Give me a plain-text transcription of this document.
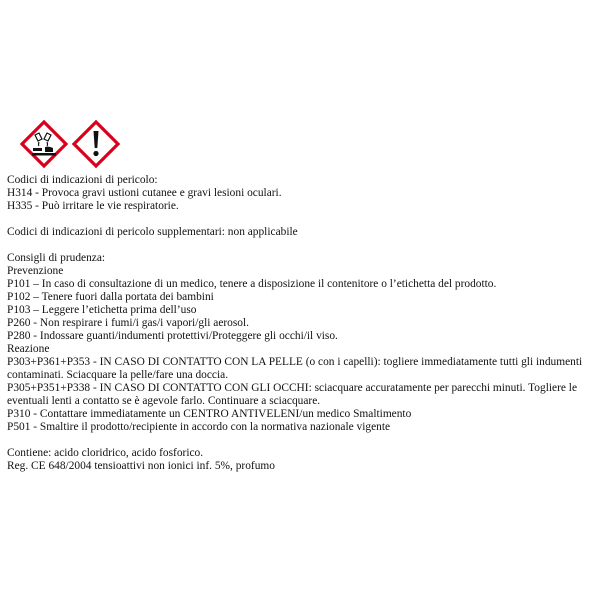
Codici di indicazioni di pericolo:
H314 - Provoca gravi ustioni cutanee e gravi lesioni oculari.
H335 - Può irritare le vie respiratorie.
Codici di indicazioni di pericolo supplementari: non applicabile
Consigli di prudenza:
Prevenzione
P101 – In caso di consultazione di un medico, tenere a disposizione il contenitore o l’etichetta del prodotto.
P102 – Tenere fuori dalla portata dei bambini
P103 – Leggere l’etichetta prima dell’uso
P260 - Non respirare i fumi/i gas/i vapori/gli aerosol.
P280 - Indossare guanti/indumenti protettivi/Proteggere gli occhi/il viso.
Reazione
P303+P361+P353 - IN CASO DI CONTATTO CON LA PELLE (o con i capelli): togliere immediatamente tutti gli indumenti contaminati. Sciacquare la pelle/fare una doccia.
P305+P351+P338 - IN CASO DI CONTATTO CON GLI OCCHI: sciacquare accuratamente per parecchi minuti. Togliere le eventuali lenti a contatto se è agevole farlo. Continuare a sciacquare.
P310 - Contattare immediatamente un CENTRO ANTIVELENI/un medico Smaltimento
P501 - Smaltire il prodotto/recipiente in accordo con la normativa nazionale vigente
Contiene: acido cloridrico, acido fosforico.
Reg. CE 648/2004 tensioattivi non ionici inf. 5%, profumo
